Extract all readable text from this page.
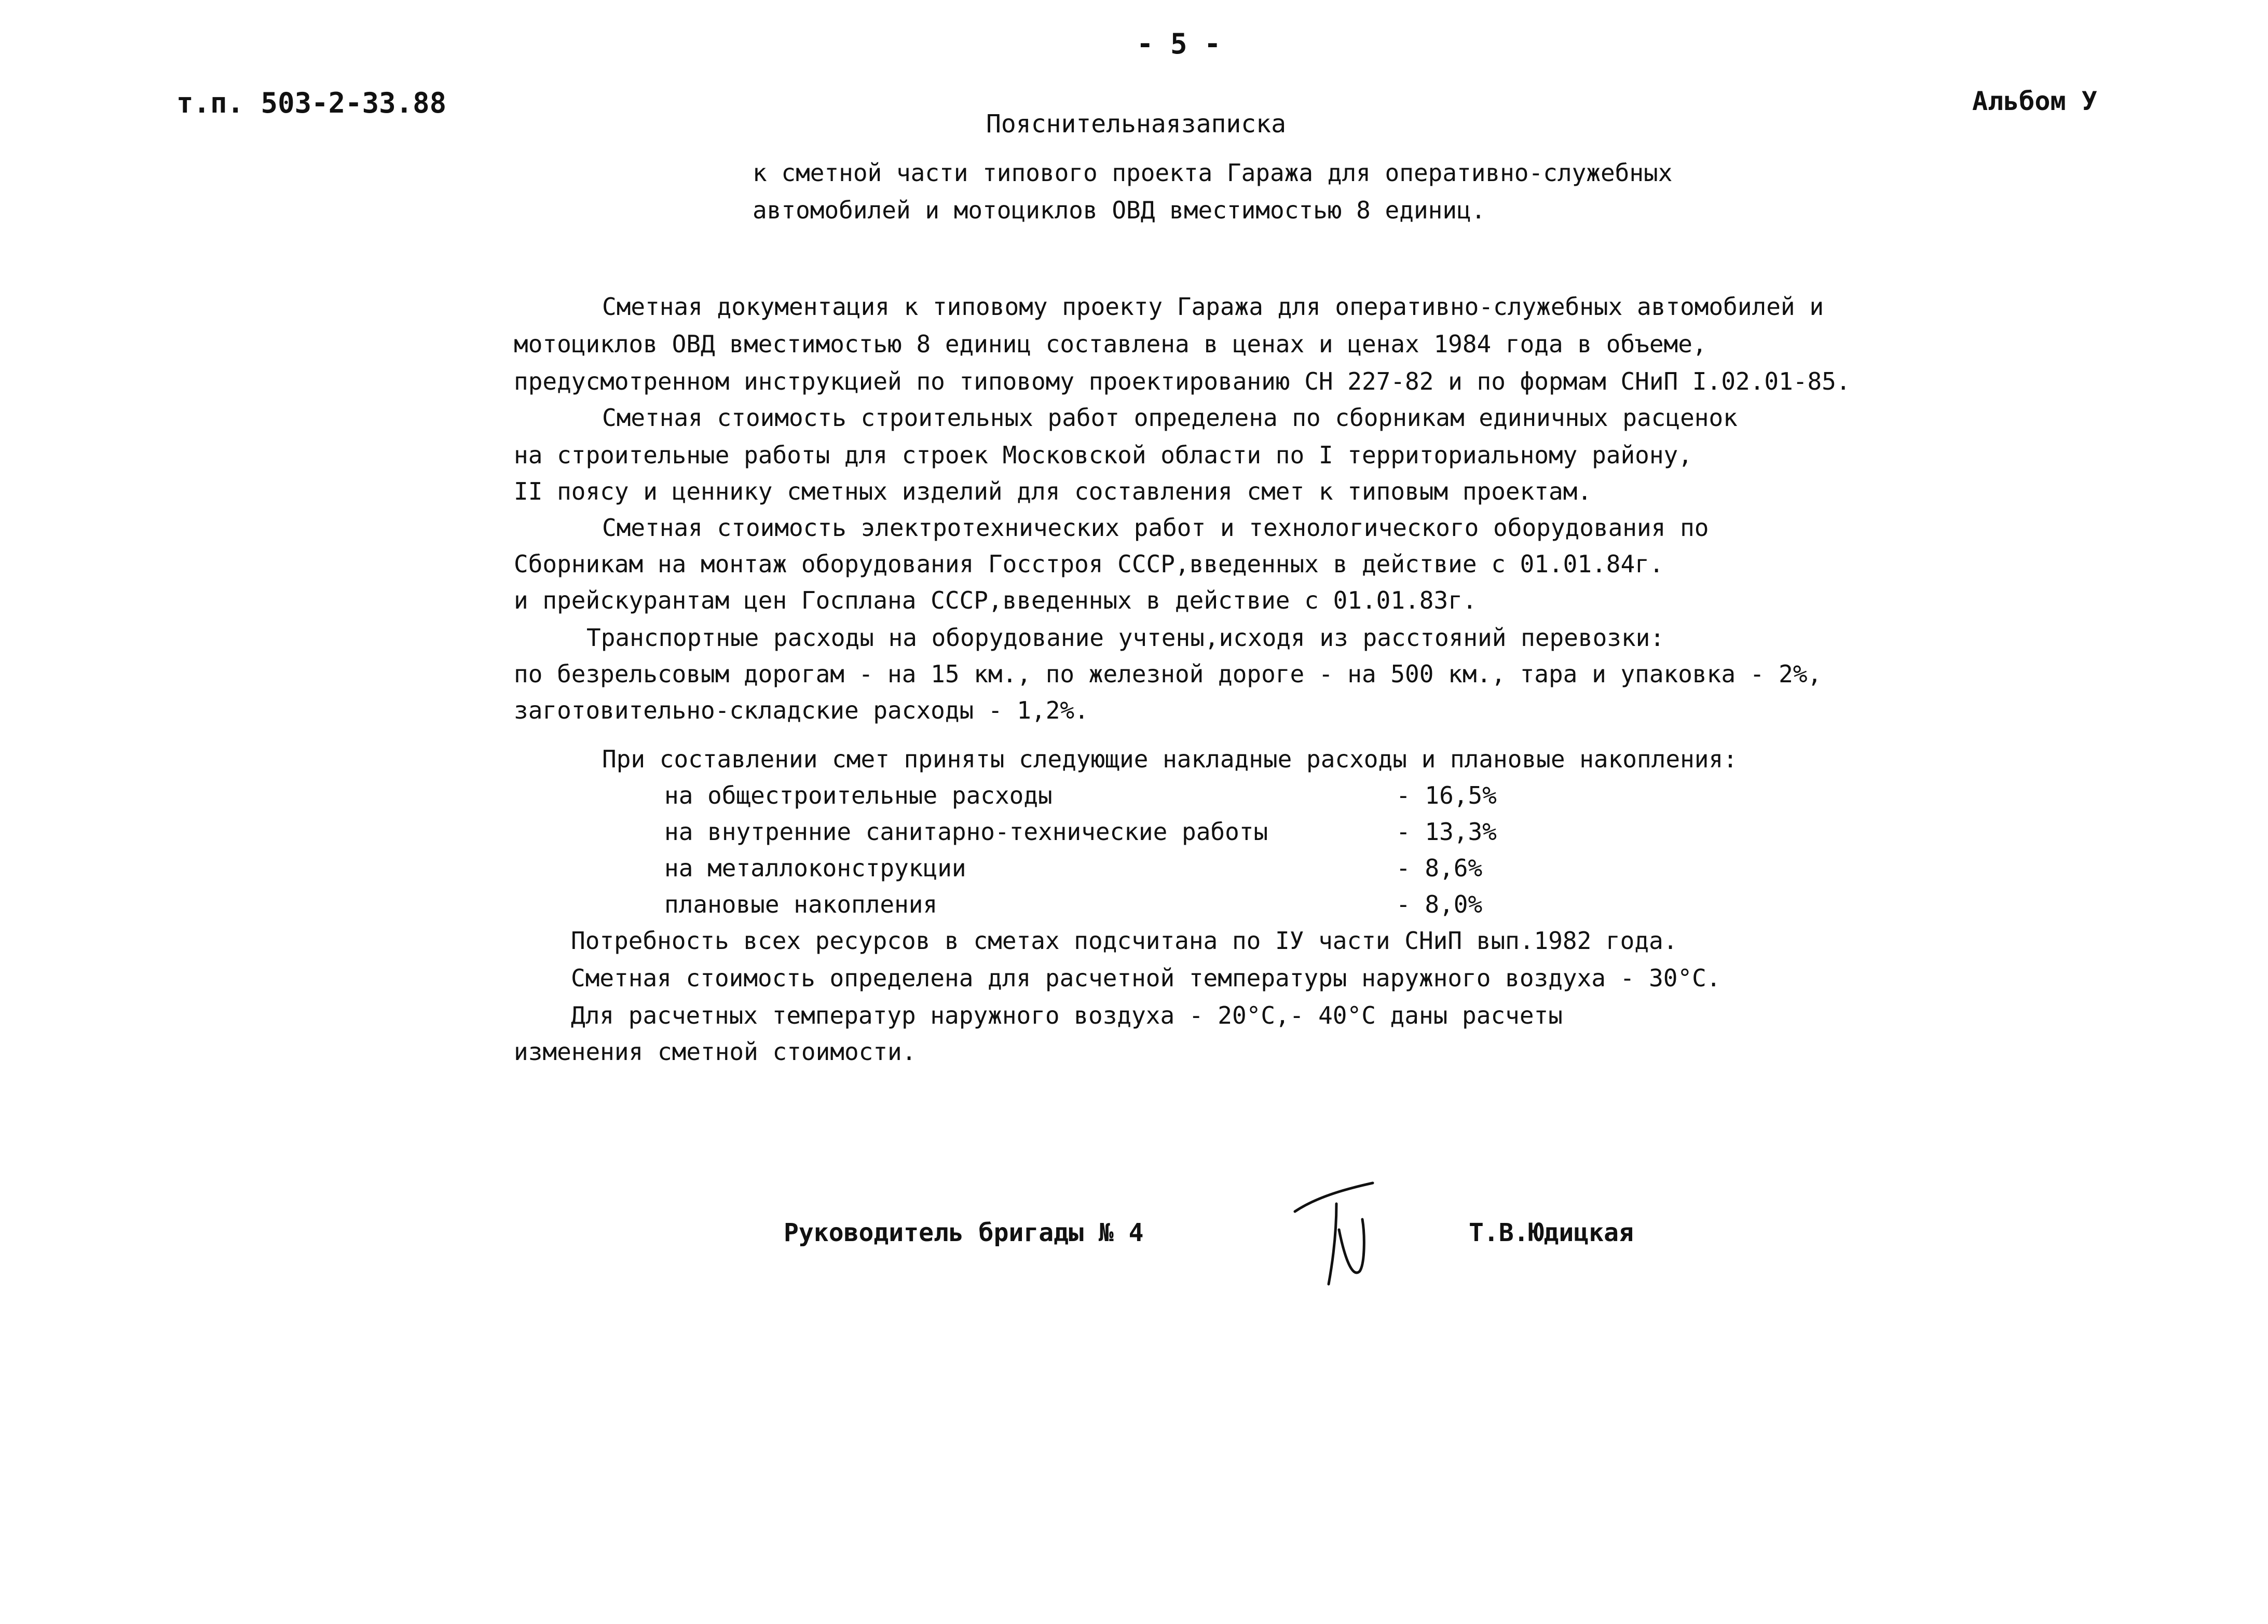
- 5 -
т.п. 503-2-33.88	Альбом У
Пояснительнаязаписка
к сметной части типового проекта Гаража для оперативно-служебных
автомобилей и мотоциклов ОВД вместимостью 8 единиц.
Сметная документация к типовому проекту Гаража для оперативно-служебных автомобилей и
мотоциклов ОВД вместимостью 8 единиц составлена в ценах и ценах 1984 года в объеме,
предусмотренном инструкцией по типовому проектированию СН 227-82 и по формам СНиП I.02.01-85.
Сметная стоимость строительных работ определена по сборникам единичных расценок
на строительные работы для строек Московской области по I территориальному району,
II поясу и ценнику сметных изделий для составления смет к типовым проектам.
Сметная стоимость электротехнических работ и технологического оборудования по
Сборникам на монтаж оборудования Госстроя СССР,введенных в действие с 01.01.84г.
и прейскурантам цен Госплана СССР,введенных в действие с 01.01.83г.
Транспортные расходы на оборудование учтены,исходя из расстояний перевозки:
по безрельсовым дорогам - на 15 км., по железной дороге - на 500 км., тара и упаковка - 2%,
заготовительно-складские расходы - 1,2%.
При составлении смет приняты следующие накладные расходы и плановые накопления:
на общестроительные расходы	- 16,5%
на внутренние санитарно-технические работы	- 13,3%
на металлоконструкции	- 8,6%
плановые накопления	- 8,0%
Потребность всех ресурсов в сметах подсчитана по IУ части СНиП вып.1982 года.
Сметная стоимость определена для расчетной температуры наружного воздуха - 30°С.
Для расчетных температур наружного воздуха - 20°С,- 40°С даны расчеты
изменения сметной стоимости.
Руководитель бригады № 4	Т.В.Юдицкая
